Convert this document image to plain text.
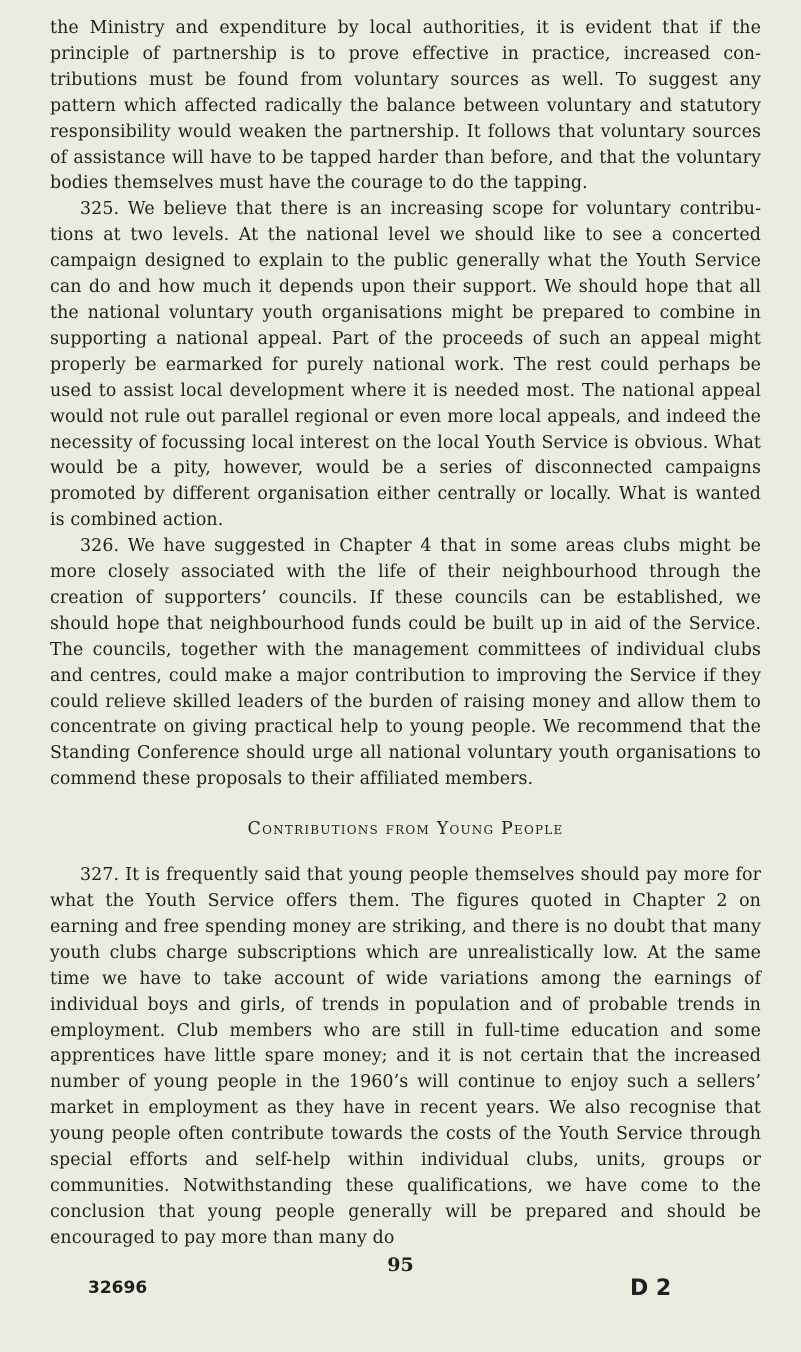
the Ministry and expenditure by local authorities, it is evident that if the principle of partnership is to prove effective in practice, increased contributions must be found from voluntary sources as well. To suggest any pattern which affected radically the balance between voluntary and statutory responsibility would weaken the partnership. It follows that voluntary sources of assistance will have to be tapped harder than before, and that the voluntary bodies themselves must have the courage to do the tapping.

325. We believe that there is an increasing scope for voluntary contributions at two levels. At the national level we should like to see a concerted campaign designed to explain to the public generally what the Youth Service can do and how much it depends upon their support. We should hope that all the national voluntary youth organisations might be prepared to combine in supporting a national appeal. Part of the proceeds of such an appeal might properly be earmarked for purely national work. The rest could perhaps be used to assist local development where it is needed most. The national appeal would not rule out parallel regional or even more local appeals, and indeed the necessity of focussing local interest on the local Youth Service is obvious. What would be a pity, however, would be a series of disconnected campaigns promoted by different organisation either centrally or locally. What is wanted is combined action.

326. We have suggested in Chapter 4 that in some areas clubs might be more closely associated with the life of their neighbourhood through the creation of supporters’ councils. If these councils can be established, we should hope that neighbourhood funds could be built up in aid of the Service. The councils, together with the management committees of individual clubs and centres, could make a major contribution to improving the Service if they could relieve skilled leaders of the burden of raising money and allow them to concentrate on giving practical help to young people. We recommend that the Standing Conference should urge all national voluntary youth organisations to commend these proposals to their affiliated members.

Contributions from Young People

327. It is frequently said that young people themselves should pay more for what the Youth Service offers them. The figures quoted in Chapter 2 on earning and free spending money are striking, and there is no doubt that many youth clubs charge subscriptions which are unrealistically low. At the same time we have to take account of wide variations among the earnings of individual boys and girls, of trends in population and of probable trends in employment. Club members who are still in full-time education and some apprentices have little spare money; and it is not certain that the increased number of young people in the 1960’s will continue to enjoy such a sellers’ market in employment as they have in recent years. We also recognise that young people often contribute towards the costs of the Youth Service through special efforts and self-help within individual clubs, units, groups or communities. Notwithstanding these qualifications, we have come to the conclusion that young people generally will be prepared and should be encouraged to pay more than many do

95
32696	D 2
